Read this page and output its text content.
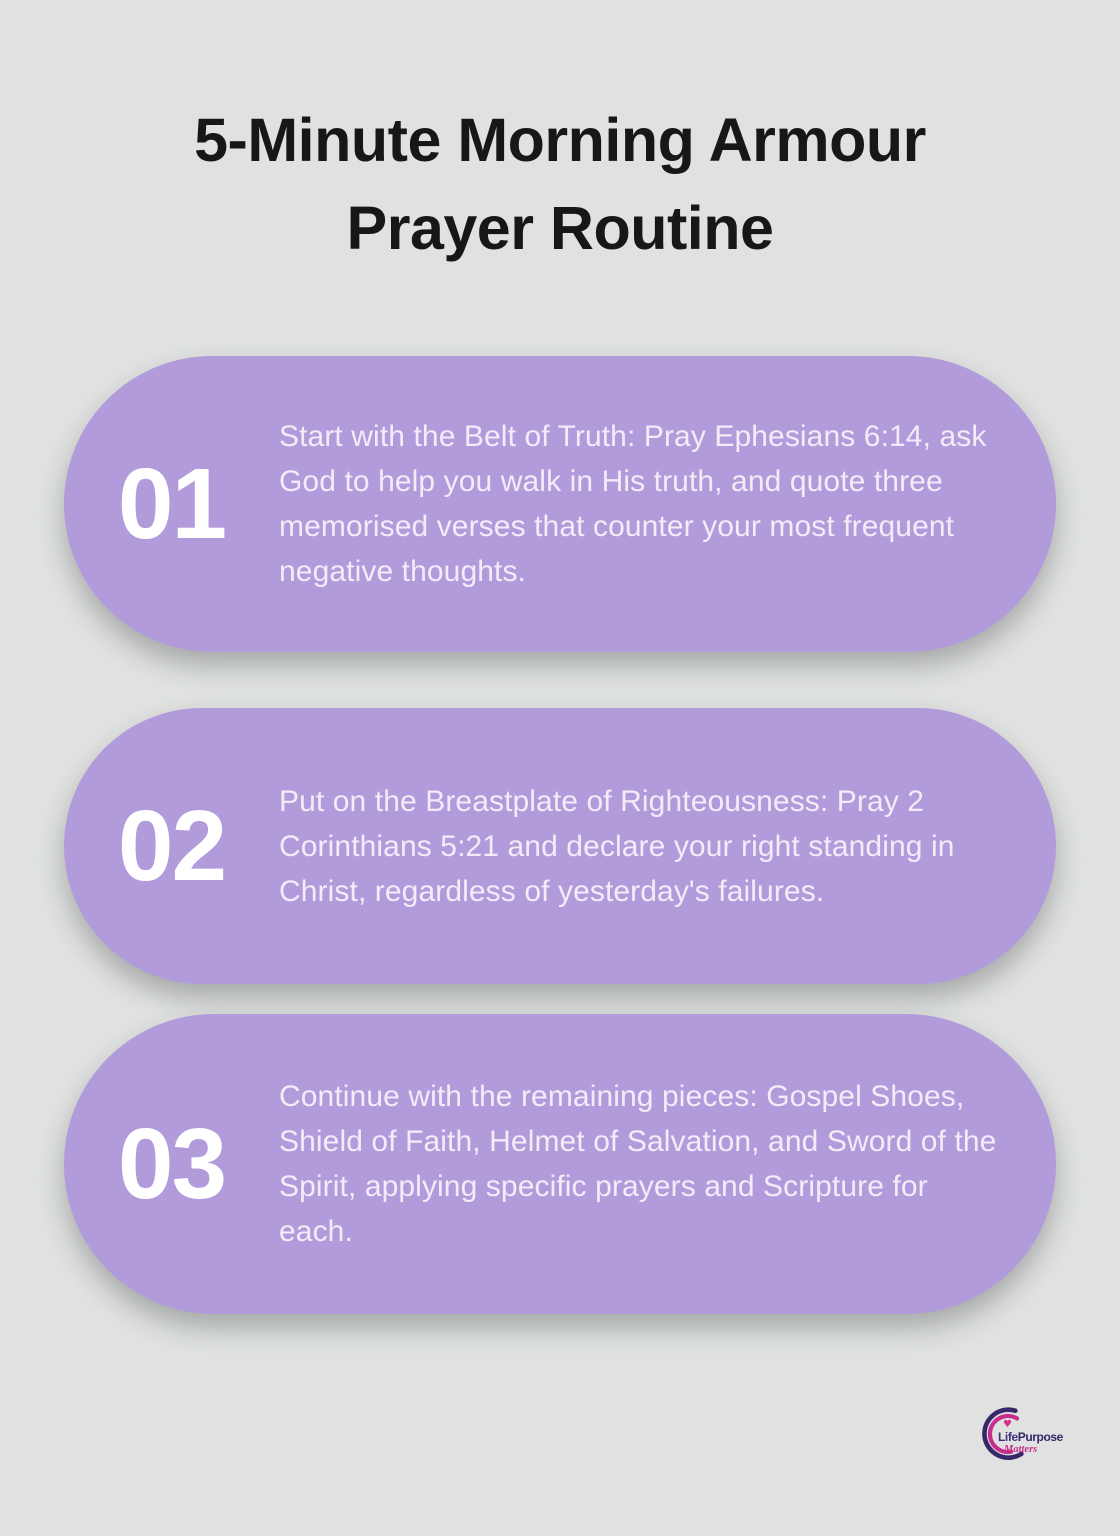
5-Minute Morning Armour
Prayer Routine
01

Start with the Belt of Truth: Pray Ephesians 6:14, ask God to help you walk in His truth, and quote three memorised verses that counter your most frequent negative thoughts.

02	Put on the Breastplate of Righteousness: Pray 2 Corinthians 5:21 and declare your right standing in Christ, regardless of yesterday's failures.

03

Continue with the remaining pieces: Gospel Shoes, Shield of Faith, Helmet of Salvation, and Sword of the Spirit, applying specific prayers and Scripture for each.

♥
LifePurpose
Matters
